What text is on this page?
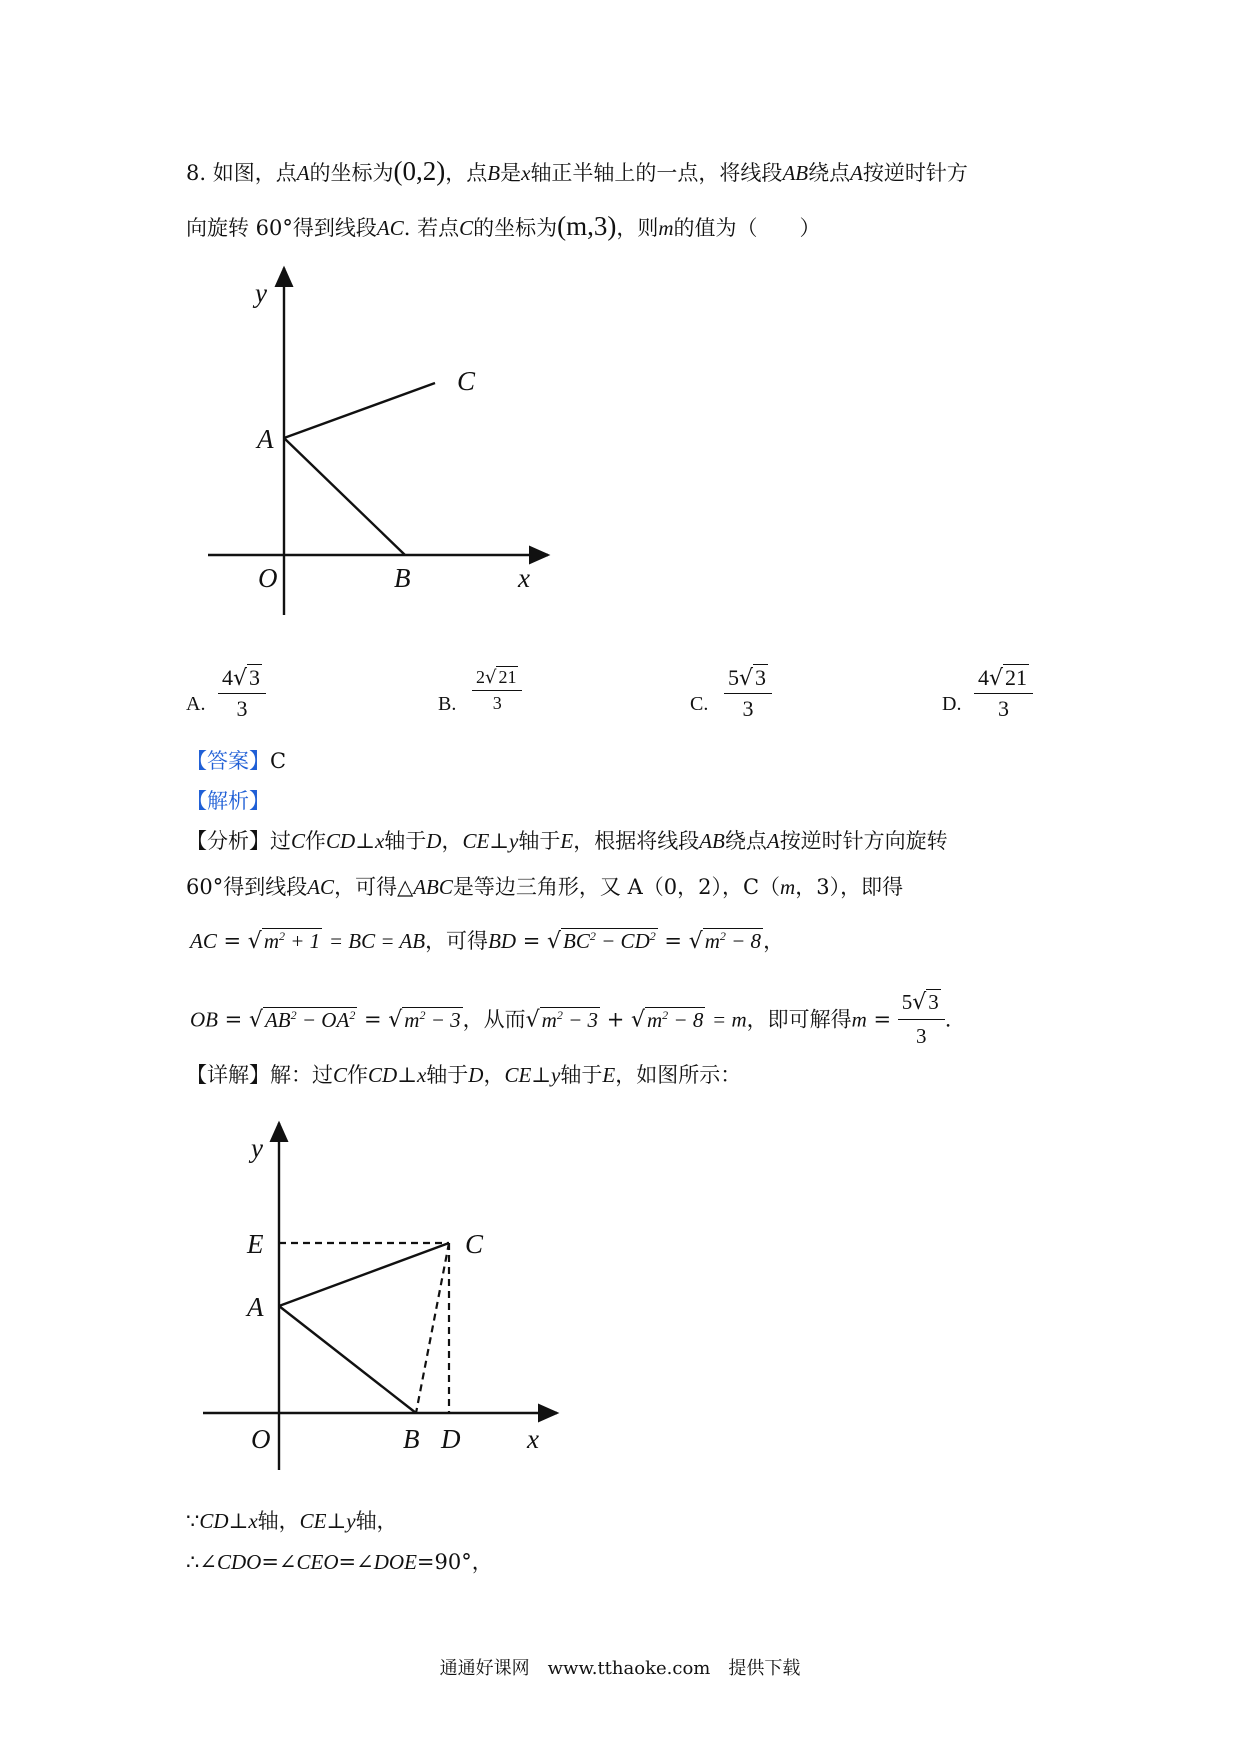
8. 如图，点A的坐标为(0,2)，点B是x轴正半轴上的一点，将线段AB绕点A按逆时针方
向旋转 60°得到线段AC. 若点C的坐标为(m,3)，则m的值为（　　）
y
C
A
O	B	x
A. $\frac{4√3}{3}$	B. $\frac{2√ 21}{3}$	C. $\frac{5√3}{3}$	D. $\frac{4√21}{3}$
【答案】C
【解析】
【分析】过C作CD⊥x轴于D，CE⊥y轴于E，根据将线段AB绕点A按逆时针方向旋转
60°得到线段AC，可得△ABC是等边三角形，又 A（0，2），C（m，3），即得
AC = $√m^2 + 1$ = BC = AB，可得BD = $√BC^2 - CD^2 = √m^2 - 8$，
OB = $√AB^2 - OA^2 = √m^2 - 3$，从而$√m^2 - 3 + √m^2 - 8 = m$，即可解得$m = \frac{5√3}{3}$ .
【详解】解：过C作CD⊥x轴于D，CE⊥y轴于E，如图所示：
y
E	C
A
O	B D x
∵CD⊥x轴，CE⊥y轴，
∴∠CDO=∠CEO=∠DOE=90°，
通通好课网　www.tthaoke.com　提供下载
